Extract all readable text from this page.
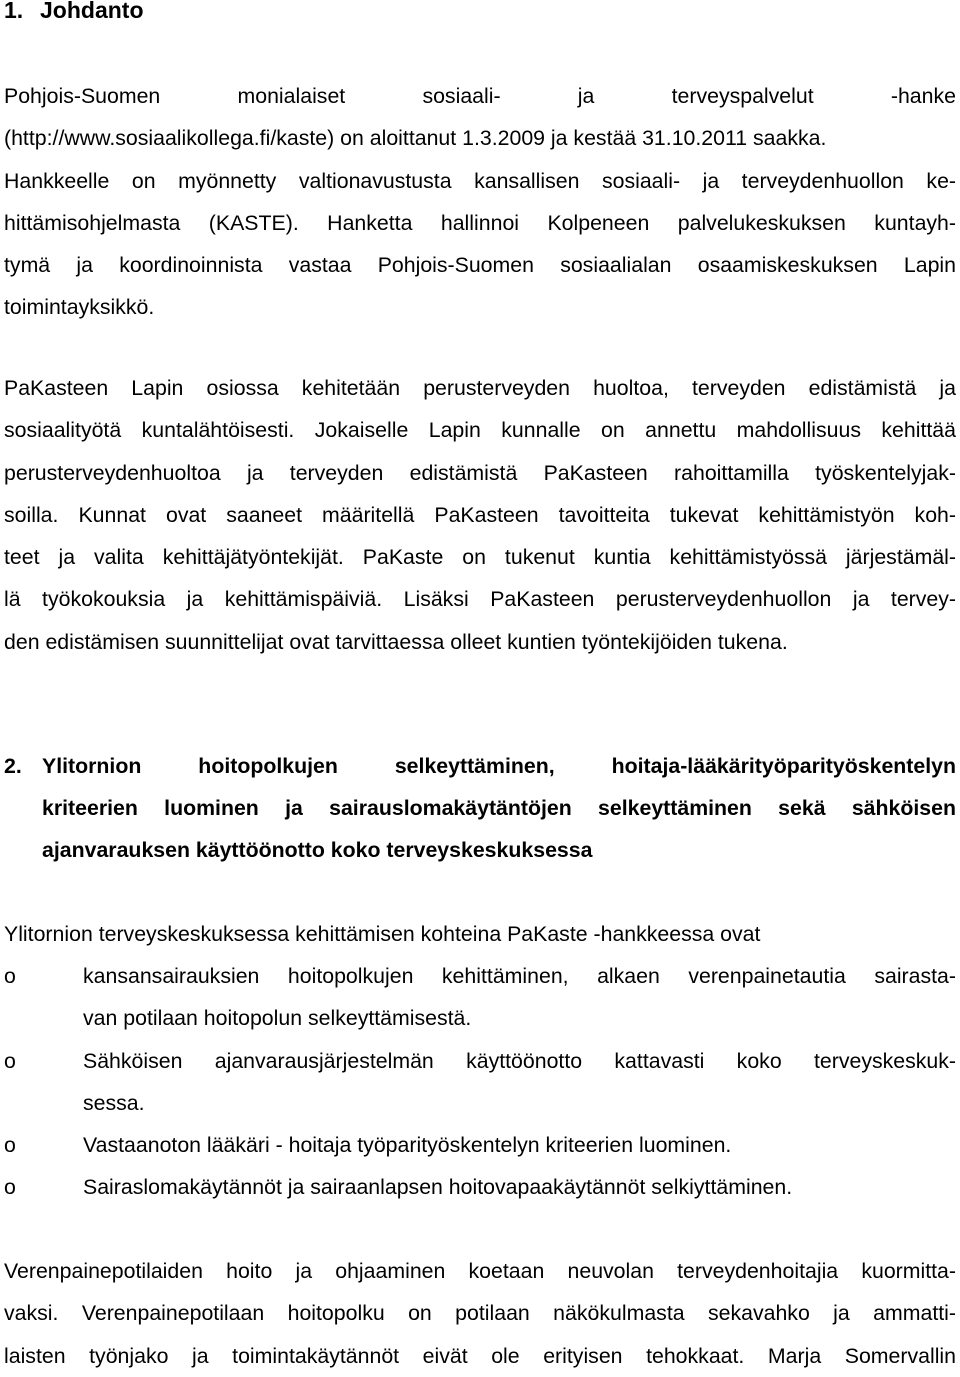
1. Johdanto
Pohjois-Suomen monialaiset sosiaali- ja terveyspalvelut -hanke
(http://www.sosiaalikollega.fi/kaste) on aloittanut 1.3.2009 ja kestää 31.10.2011 saakka.
Hankkeelle on myönnetty valtionavustusta kansallisen sosiaali- ja terveydenhuollon ke-
hittämisohjelmasta (KASTE). Hanketta hallinnoi Kolpeneen palvelukeskuksen kuntayh-
tymä ja koordinoinnista vastaa Pohjois-Suomen sosiaalialan osaamiskeskuksen Lapin
toimintayksikkö.
PaKasteen Lapin osiossa kehitetään perusterveyden huoltoa, terveyden edistämistä ja
sosiaalityötä kuntalähtöisesti. Jokaiselle Lapin kunnalle on annettu mahdollisuus kehittää
perusterveydenhuoltoa ja terveyden edistämistä PaKasteen rahoittamilla työskentelyjak-
soilla. Kunnat ovat saaneet määritellä PaKasteen tavoitteita tukevat kehittämistyön koh-
teet ja valita kehittäjätyöntekijät. PaKaste on tukenut kuntia kehittämistyössä järjestämäl-
lä työkokouksia ja kehittämispäiviä. Lisäksi PaKasteen perusterveydenhuollon ja tervey-
den edistämisen suunnittelijat ovat tarvittaessa olleet kuntien työntekijöiden tukena.
2. Ylitornion hoitopolkujen selkeyttäminen, hoitaja-lääkärityöparityöskentelyn
kriteerien luominen ja sairauslomakäytäntöjen selkeyttäminen sekä sähköisen
ajanvarauksen käyttöönotto koko terveyskeskuksessa
Ylitornion terveyskeskuksessa kehittämisen kohteina PaKaste -hankkeessa ovat
o	kansansairauksien hoitopolkujen kehittäminen, alkaen verenpainetautia sairasta-
van potilaan hoitopolun selkeyttämisestä.
o	Sähköisen ajanvarausjärjestelmän käyttöönotto kattavasti koko terveyskeskuk-
sessa.
o	Vastaanoton lääkäri - hoitaja työparityöskentelyn kriteerien luominen.
o	Sairaslomakäytännöt ja sairaanlapsen hoitovapaakäytännöt selkiyttäminen.
Verenpainepotilaiden hoito ja ohjaaminen koetaan neuvolan terveydenhoitajia kuormitta-
vaksi. Verenpainepotilaan hoitopolku on potilaan näkökulmasta sekavahko ja ammatti-
laisten työnjako ja toimintakäytännöt eivät ole erityisen tehokkaat. Marja Somervallin
